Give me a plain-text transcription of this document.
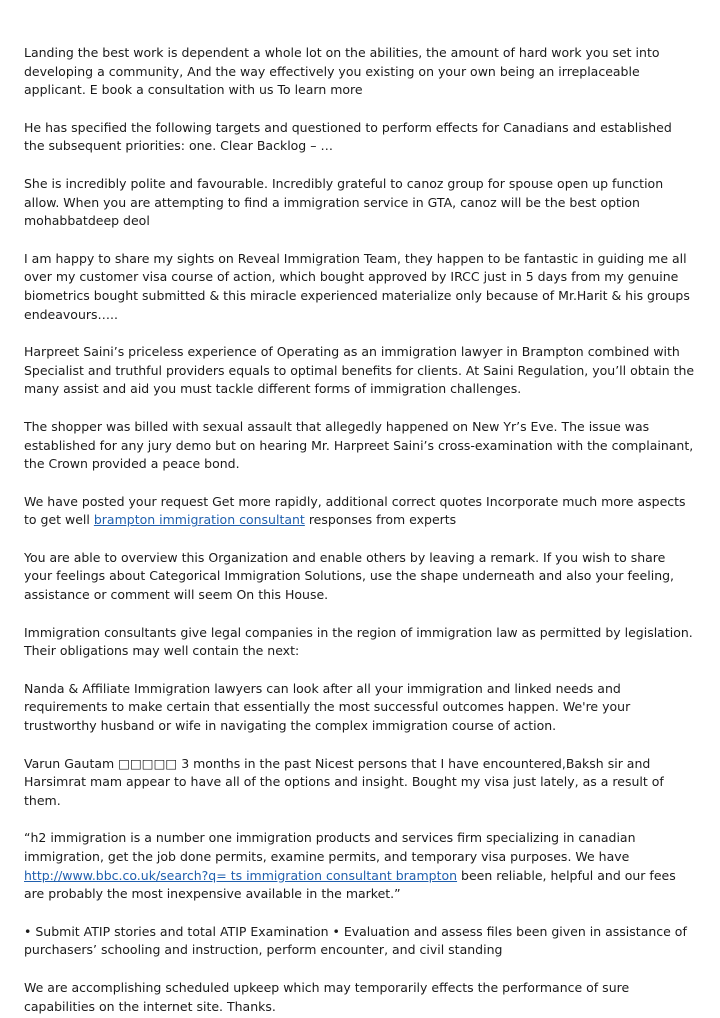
Landing the best work is dependent a whole lot on the abilities, the amount of hard work you set into developing a community, And the way effectively you existing on your own being an irreplaceable applicant. E book a consultation with us To learn more

He has specified the following targets and questioned to perform effects for Canadians and established the subsequent priorities: one. Clear Backlog – …

She is incredibly polite and favourable. Incredibly grateful to canoz group for spouse open up function allow. When you are attempting to find a immigration service in GTA, canoz will be the best option mohabbatdeep deol

I am happy to share my sights on Reveal Immigration Team, they happen to be fantastic in guiding me all over my customer visa course of action, which bought approved by IRCC just in 5 days from my genuine biometrics bought submitted & this miracle experienced materialize only because of Mr.Harit & his groups endeavours…..

Harpreet Saini’s priceless experience of Operating as an immigration lawyer in Brampton combined with Specialist and truthful providers equals to optimal benefits for clients. At Saini Regulation, you’ll obtain the many assist and aid you must tackle different forms of immigration challenges.

The shopper was billed with sexual assault that allegedly happened on New Yr’s Eve. The issue was established for any jury demo but on hearing Mr. Harpreet Saini’s cross-examination with the complainant, the Crown provided a peace bond.

We have posted your request Get more rapidly, additional correct quotes Incorporate much more aspects to get well brampton immigration consultant responses from experts

You are able to overview this Organization and enable others by leaving a remark. If you wish to share your feelings about Categorical Immigration Solutions, use the shape underneath and also your feeling, assistance or comment will seem On this House.

Immigration consultants give legal companies in the region of immigration law as permitted by legislation. Their obligations may well contain the next:

Nanda & Affiliate Immigration lawyers can look after all your immigration and linked needs and requirements to make certain that essentially the most successful outcomes happen. We're your trustworthy husband or wife in navigating the complex immigration course of action.

Varun Gautam □□□□□ 3 months in the past Nicest persons that I have encountered,Baksh sir and Harsimrat mam appear to have all of the options and insight. Bought my visa just lately, as a result of them.

“h2 immigration is a number one immigration products and services firm specializing in canadian immigration, get the job done permits, examine permits, and temporary visa purposes. We have http://www.bbc.co.uk/search?q= ts immigration consultant brampton been reliable, helpful and our fees are probably the most inexpensive available in the market.”

• Submit ATIP stories and total ATIP Examination • Evaluation and assess files been given in assistance of purchasers’ schooling and instruction, perform encounter, and civil standing

We are accomplishing scheduled upkeep which may temporarily effects the performance of sure capabilities on the internet site. Thanks.
